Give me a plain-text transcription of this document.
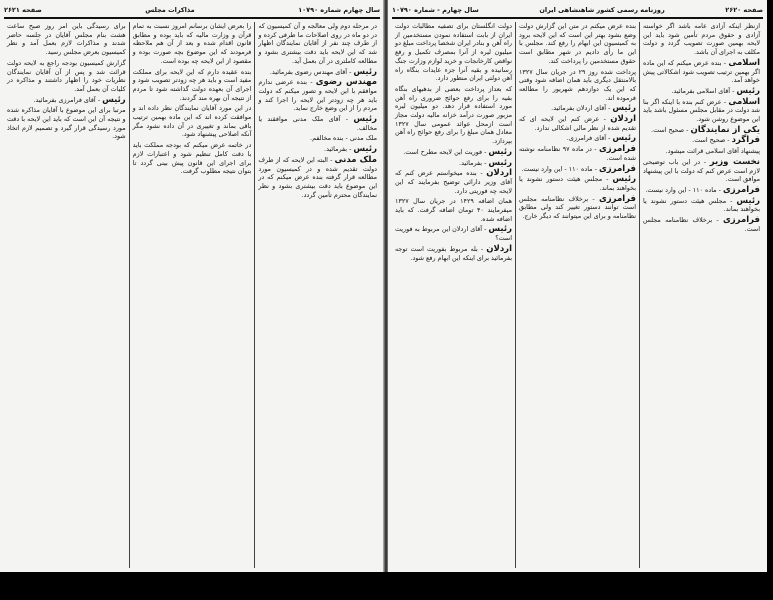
سال چهارم شماره ۱۰۷۹۰
مذاکرات مجلس
صفحه ۲۶۲۱

در مرحله دوم ولی معالجه و آن کمیسیون که در دو ماه در روی اصلاحات ما طرفی کرده و از طرف چند نفر از آقایان نمایندگان اظهار شد که این لایحه باید دقت بیشتری بشود و مطالعه کاملتری در آن بعمل آید.

رئیس - آقای مهندس رضوی بفرمائید.

مهندس رضوی - بنده عرضی ندارم موافقم با این لایحه و تصور میکنم که دولت باید هر چه زودتر این لایحه را اجرا کند و مردم را از این وضع خارج نماید.

رئیس - آقای ملک مدنی موافقند یا مخالف.

ملک مدنی - بنده مخالفم.

رئیس - بفرمائید.

ملک مدنی - البته این لایحه که از طرف دولت تقدیم شده و در کمیسیون مورد مطالعه قرار گرفته بنده عرض میکنم که در این موضوع باید دقت بیشتری بشود و نظر نمایندگان محترم تأمین گردد.

را بعرض ایشان برسانم امروز نسبت به تمام قرآن و وزارت مالیه که باید بوده و مطابق قانون اقدام شده و بعد از آن هم ملاحظه فرمودند که این موضوع بچه صورت بوده و مقصود از این لایحه چه بوده است.

بنده عقیده دارم که این لایحه برای مملکت مفید است و باید هر چه زودتر تصویب شود و اجرای آن بعهده دولت گذاشته شود تا مردم از نتیجه آن بهره مند گردند.

در این مورد آقایان نمایندگان نظر داده اند و موافقت کرده اند که این ماده بهمین ترتیب باقی بماند و تغییری در آن داده نشود مگر آنکه اصلاحی پیشنهاد شود.

در خاتمه عرض میکنم که بودجه مملکت باید با دقت کامل تنظیم شود و اعتبارات لازم برای اجرای این قانون پیش بینی گردد تا بتوان نتیجه مطلوب گرفت.

برای رسیدگی باین امر روز صبح ساعت هشت بنام مجلس آقایان در جلسه حاضر شدند و مذاکرات لازم بعمل آمد و نظر کمیسیون بعرض مجلس رسید.

گزارش کمیسیون بودجه راجع به لایحه دولت قرائت شد و پس از آن آقایان نمایندگان نظریات خود را اظهار داشتند و مذاکره در کلیات آن بعمل آمد.

رئیس - آقای فرامرزی بفرمائید.

مرتبا برای این موضوع با آقایان مذاکره شده و نتیجه آن این است که باید این لایحه با دقت مورد رسیدگی قرار گیرد و تصمیم لازم اتخاذ شود.

صفحه ۲۶۲۰
روزنامه رسمی کشور شاهنشاهی ایران
سال چهارم - شماره ۱۰۷۹۰

ازنظر اینکه آزادی عامه باشد اگر خواسته آزادی و حقوق مردم تأمین شود باید این لایحه بهمین صورت تصویب گردد و دولت مکلف به اجرای آن باشد.

اسلامی - بنده عرض میکنم که این ماده اگر بهمین ترتیب تصویب شود اشکالاتی پیش خواهد آمد.

رئیس - آقای اسلامی بفرمائید.

اسلامی - عرض کنم بنده با اینکه اگر بنا شد دولت در مقابل مجلس مسئول باشد باید این موضوع روشن شود.

یکی از نمایندگان - صحیح است.

فراگرد - صحیح است.

پیشنهاد آقای اسلامی قرائت میشود.

نخست وزیر - در این باب توضیحی لازم است عرض کنم که دولت با این پیشنهاد موافق است.

فرامرزی - ماده ۱۱۰ - این وارد نیست.

رئیس - مجلس هیئت دستور نشوند یا بخواهند بماند.

فرامرزی - برخلاف نظامنامه مجلس است.

بنده عرض میکنم در متن این گزارش دولت وضع بشود بهتر این است که این لایحه برود به کمیسیون این ابهام را رفع کند. مجلس با این ما رأی دادیم در شهر مطابق است حقوق مستخدمین را پرداخت کند.

پرداخت شده روز ۲۹ در جریان سال ۱۳۲۷ بالامنتقل دیگری باید همان اضافه شود وقتی که این یک دوازدهم شهریور را مطالعه فرموده اند.

رئیس - آقای اردلان بفرمائید.

اردلان - عرض کنم این لایحه ای که تقدیم شده از نظر مالی اشکالی ندارد.

رئیس - آقای فرامرزی.

فرامرزی - در ماده ۹۷ نظامنامه نوشته شده است.

فرامرزی - ماده ۱۱۰ - این وارد نیست.

رئیس - مجلس هیئت دستور نشوند یا بخواهند بماند.

فرامرزی - برخلاف نظامنامه مجلس است توانند دستور تغییر کند ولی مطابق نظامنامه و برای این میتوانند که دیگر خارج.

دولت انگلستان برای تصفیه مطالبات دولت ایران از بابت استفاده نمودن مستخدمین از راه آهن و بنادر ایران شخصا پرداخت مبلغ دو میلیون لیره از آنرا بمصرف تکمیل و رفع نواقص کارخانجات و خرید لوازم وزارت جنگ رسانیده و بقیه آنرا جزء عایدات بنگاه راه آهن دولتی ایران منظور دارد.

که بعداز پرداخت بعضی از بدهیهای بنگاه بقیه را برای رفع حوائج ضروری راه آهن مورد استفاده قرار دهد. دو میلیون لیره مزبور صورت درآمد خزانه مالیه دولت مجاز است ازمحل عوائد عمومی سال ۱۳۲۷ معادل همان مبلغ را برای رفع حوائج راه آهن بپردازد.

رئیس - فوریت این لایحه مطرح است.

رئیس - بفرمائید.

اردلان - بنده میخواستم عرض کنم که آقای وزیر دارائی توضیح بفرمایند که این لایحه چه فوریتی دارد.

همان اضافه ۱۴۲۹ در جریان سال ۱۳۲۷ میفرمایند ۴۰ تومان اضافه گرفت. که باید اضافه شده.

رئیس - آقای اردلان این مربوط به فوریت است؟

اردلان - بله مربوط بفوریت است توجه بفرمائید برای اینکه این ابهام رفع شود.
